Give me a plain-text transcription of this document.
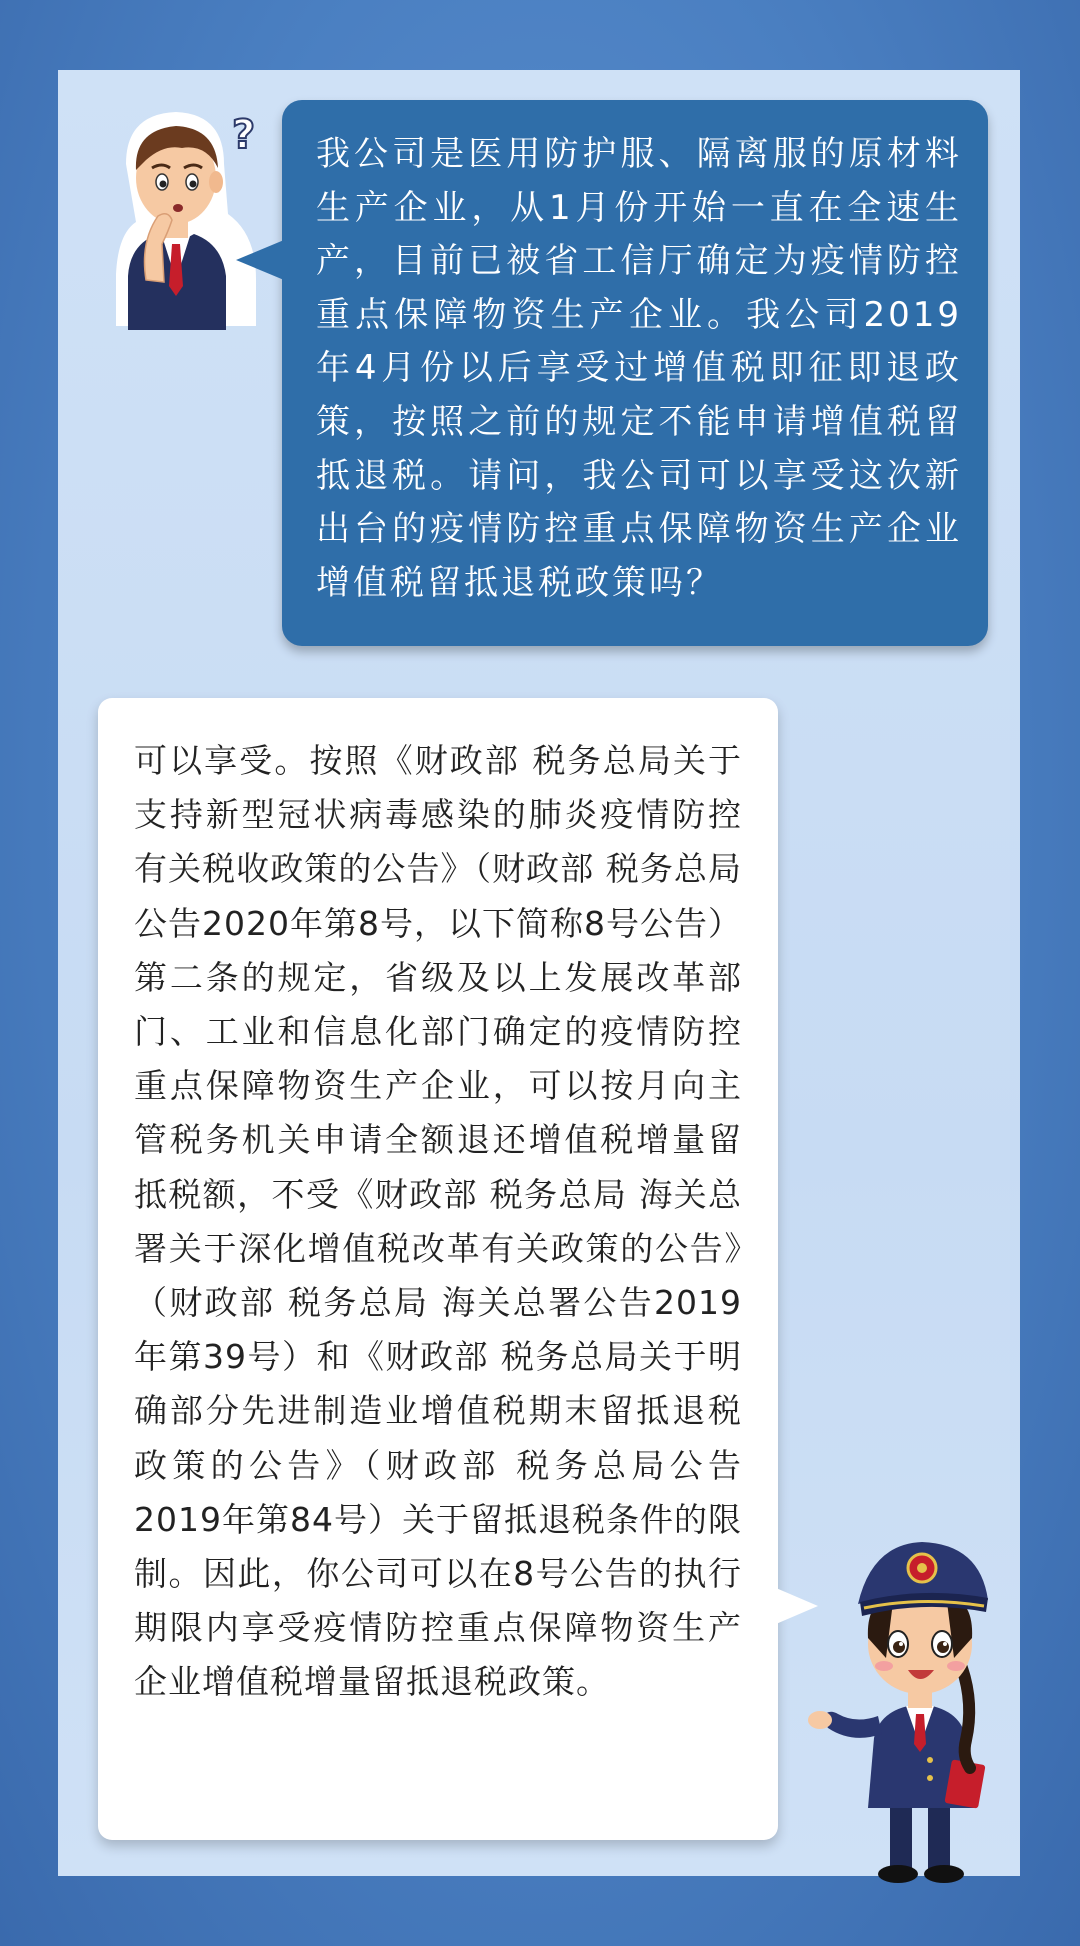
? 我公司是医用防护服、隔离服的原材料生产企业，从1月份开始一直在全速生产，目前已被省工信厅确定为疫情防控重点保障物资生产企业。我公司2019年4月份以后享受过增值税即征即退政策，按照之前的规定不能申请增值税留抵退税。请问，我公司可以享受这次新出台的疫情防控重点保障物资生产企业增值税留抵退税政策吗？

可以享受。按照《财政部 税务总局关于支持新型冠状病毒感染的肺炎疫情防控有关税收政策的公告》（财政部 税务总局公告2020年第8号，以下简称8号公告）第二条的规定，省级及以上发展改革部门、工业和信息化部门确定的疫情防控重点保障物资生产企业，可以按月向主管税务机关申请全额退还增值税增量留抵税额，不受《财政部 税务总局 海关总署关于深化增值税改革有关政策的公告》（财政部 税务总局 海关总署公告2019年第39号）和《财政部 税务总局关于明确部分先进制造业增值税期末留抵退税政策的公告》（财政部 税务总局公告2019年第84号）关于留抵退税条件的限制。因此，你公司可以在8号公告的执行期限内享受疫情防控重点保障物资生产企业增值税增量留抵退税政策。
